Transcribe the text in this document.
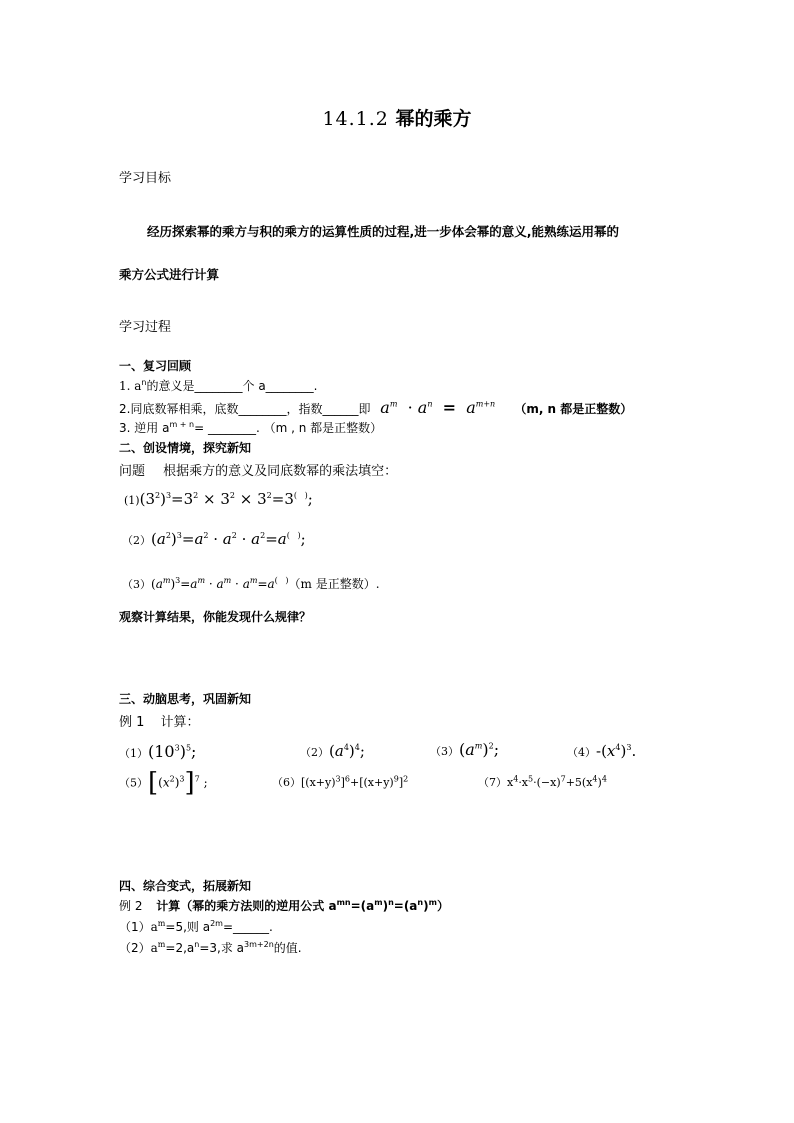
14.1.2 幂的乘方
学习目标
经历探索幂的乘方与积的乘方的运算性质的过程,进一步体会幂的意义,能熟练运用幂的
乘方公式进行计算
学习过程
一、复习回顾
1. $a^n$的意义是________个 a________.
2.同底数幂相乘，底数________，指数______即 $a^m \cdot a^n = a^{m+n}$ （m, n 都是正整数）
3. 逆用 $a^{m + n}=$ ________. （m , n 都是正整数）
二、创设情境，探究新知
问题 根据乘方的意义及同底数幂的乘法填空：
$(1)(3^2)^3=3^2 \times 3^2 \times 3^2=3^{( )}$;
$(2)(a^2)^3=a^2 \cdot a^2 \cdot a^2=a^{( )}$;
$(3)(a^m)^3=a^m \cdot a^m \cdot a^m=a^{( )}(m$ 是正整数）.
观察计算结果，你能发现什么规律？
三、动脑思考，巩固新知
例 1 计算：
$(1)(10^3)^5$;	$(2)(a^4)^4$;	$(3)(a^m)^2$;	$(4)-(x^4)^3$.
$(5)[(x^2)^3]^7$ ;	$(6)[(x+y)^3]^6+[(x+y)^9]^2$	$(7)x^4\cdot x^5\cdot(-x)^7+5(x^4)^4$
四、综合变式，拓展新知
例 2 计算（幂的乘方法则的逆用公式 $a^{mn}=(a^m)^n=(a^n)^m$）
$(1)a^m=5$,则 $a^{2m}=\_\_\_\_\_\_$.
$(2)a^m=2,a^n=3$,求 $a^{3m+2n}$的值.
